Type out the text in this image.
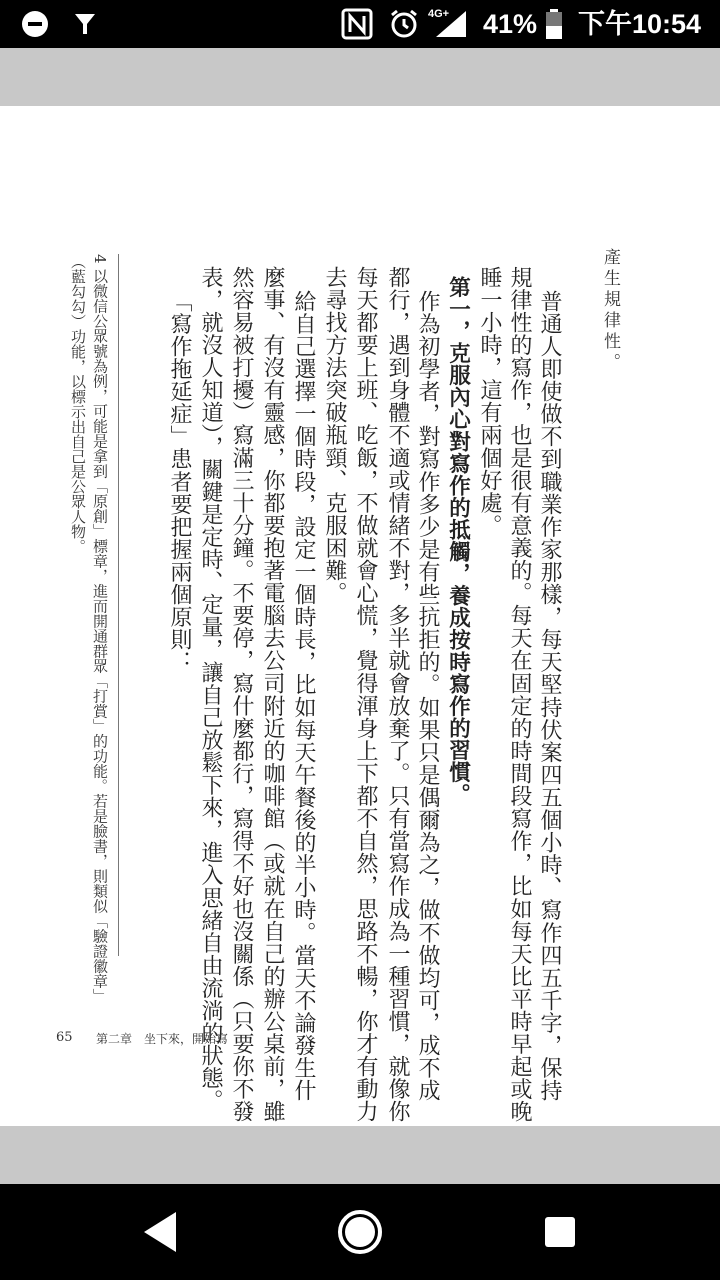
4G+ 41% 下午10:54
產生規律性。
普通人即使做不到職業作家那樣，每天堅持伏案四五個小時、寫作四五千字，保持
規律性的寫作，也是很有意義的。每天在固定的時間段寫作，比如每天比平時早起或晚
睡一小時，這有兩個好處。
第一，克服內心對寫作的抵觸，養成按時寫作的習慣。
作為初學者，對寫作多少是有些抗拒的。如果只是偶爾為之，做不做均可，成不成
都行，遇到身體不適或情緒不對，多半就會放棄了。只有當寫作成為一種習慣，就像你
每天都要上班、吃飯，不做就會心慌，覺得渾身上下都不自然，思路不暢，你才有動力
去尋找方法突破瓶頸、克服困難。
給自己選擇一個時段，設定一個時長，比如每天午餐後的半小時。當天不論發生什
麼事、有沒有靈感，你都要抱著電腦去公司附近的咖啡館（或就在自己的辦公桌前，雖
然容易被打擾）寫滿三十分鐘。不要停，寫什麼都行，寫得不好也沒關係（只要你不發
表，就沒人知道），關鍵是定時、定量，讓自己放鬆下來，進入思緒自由流淌的狀態。
「寫作拖延症」患者要把握兩個原則：
4 以微信公眾號為例，可能是拿到「原創」標章，進而開通群眾「打賞」的功能。若是臉書，則類似「驗證徽章」
（藍勾勾）功能，以標示出自己是公眾人物。
65 第二章　坐下來，開始寫
